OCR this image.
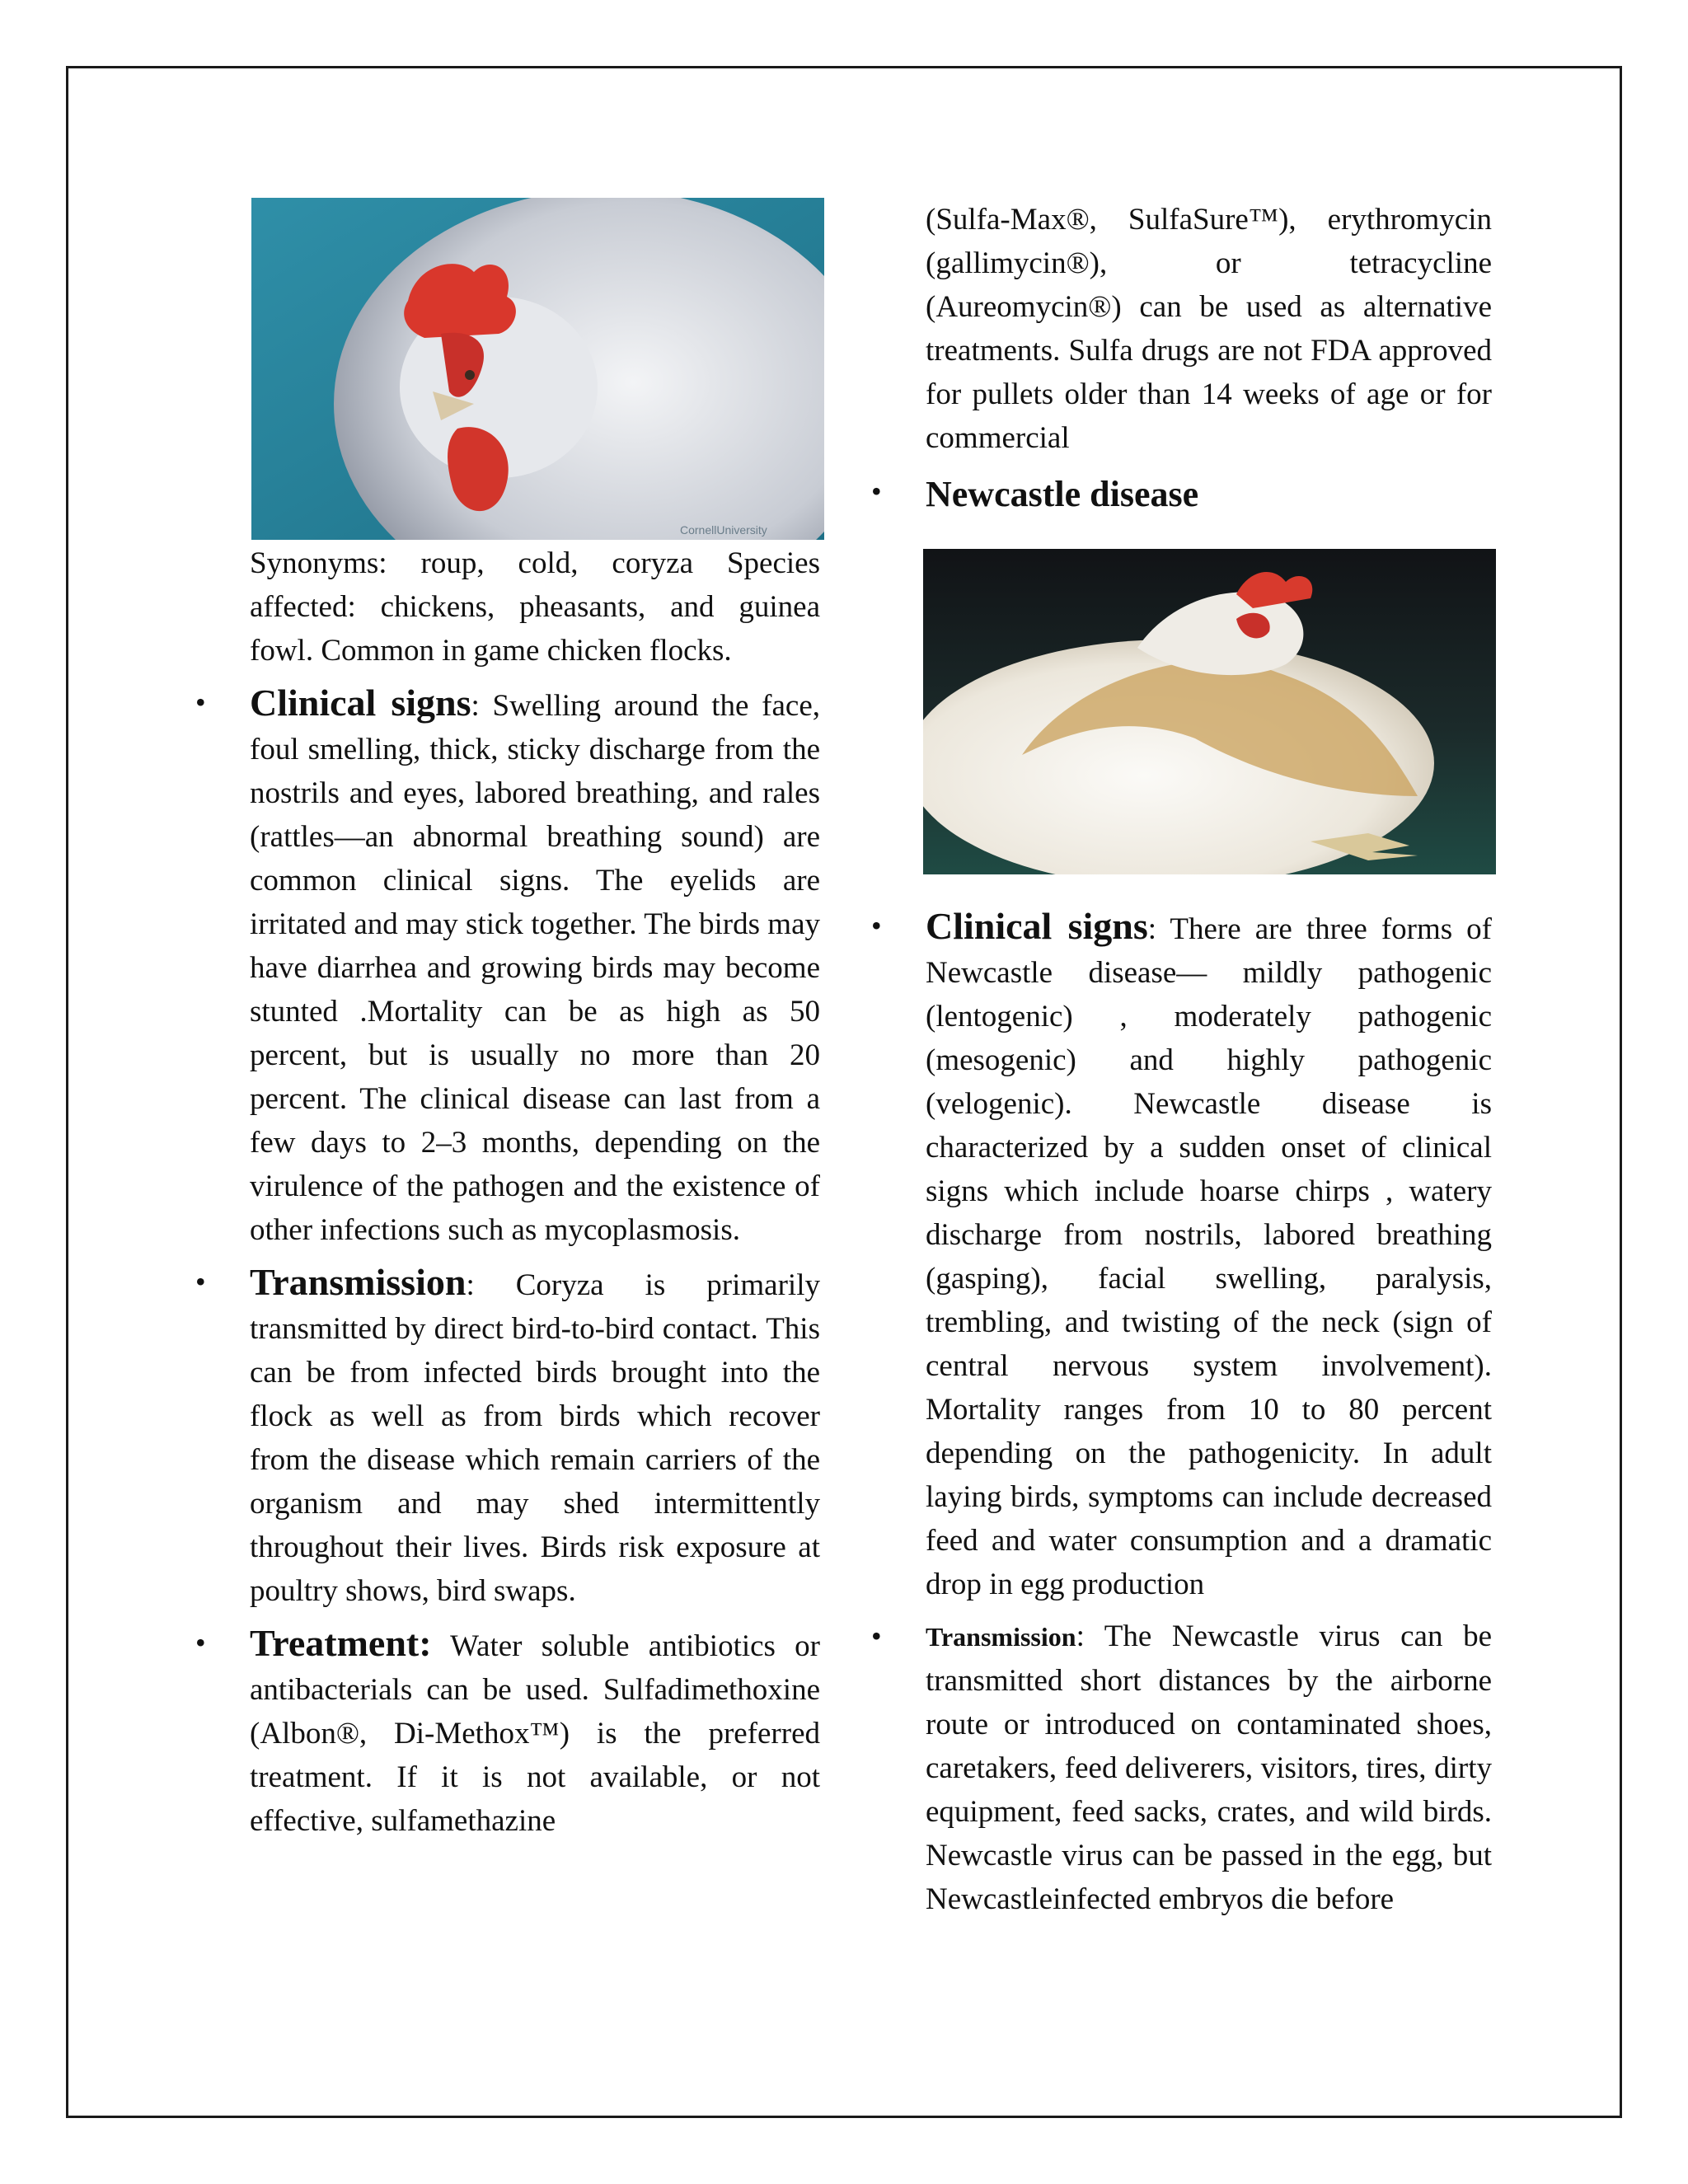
CornellUniversity

Synonyms: roup, cold, coryza Species affected: chickens, pheasants, and guinea fowl. Common in game chicken flocks.

• Clinical signs: Swelling around the face, foul smelling, thick, sticky discharge from the nostrils and eyes, labored breathing, and rales (rattles—an abnormal breathing sound) are common clinical signs. The eyelids are irritated and may stick together. The birds may have diarrhea and growing birds may become stunted .Mortality can be as high as 50 percent, but is usually no more than 20 percent. The clinical disease can last from a few days to 2–3 months, depending on the virulence of the pathogen and the existence of other infections such as mycoplasmosis.
• Transmission: Coryza is primarily transmitted by direct bird-to-bird contact. This can be from infected birds brought into the flock as well as from birds which recover from the disease which remain carriers of the organism and may shed intermittently throughout their lives. Birds risk exposure at poultry shows, bird swaps.
• Treatment: Water soluble antibiotics or antibacterials can be used. Sulfadimethoxine (Albon®, Di-Methox™) is the preferred treatment. If it is not available, or not effective, sulfamethazine

(Sulfa-Max®, SulfaSure™), erythromycin (gallimycin®), or tetracycline (Aureomycin®) can be used as alternative treatments. Sulfa drugs are not FDA approved for pullets older than 14 weeks of age or for commercial

• Newcastle disease
• Clinical signs: There are three forms of Newcastle disease— mildly pathogenic (lentogenic) , moderately pathogenic (mesogenic) and highly pathogenic (velogenic). Newcastle disease is characterized by a sudden onset of clinical signs which include hoarse chirps , watery discharge from nostrils, labored breathing (gasping), facial swelling, paralysis, trembling, and twisting of the neck (sign of central nervous system involvement). Mortality ranges from 10 to 80 percent depending on the pathogenicity. In adult laying birds, symptoms can include decreased feed and water consumption and a dramatic drop in egg production
• Transmission: The Newcastle virus can be transmitted short distances by the airborne route or introduced on contaminated shoes, caretakers, feed deliverers, visitors, tires, dirty equipment, feed sacks, crates, and wild birds. Newcastle virus can be passed in the egg, but Newcastleinfected embryos die before
